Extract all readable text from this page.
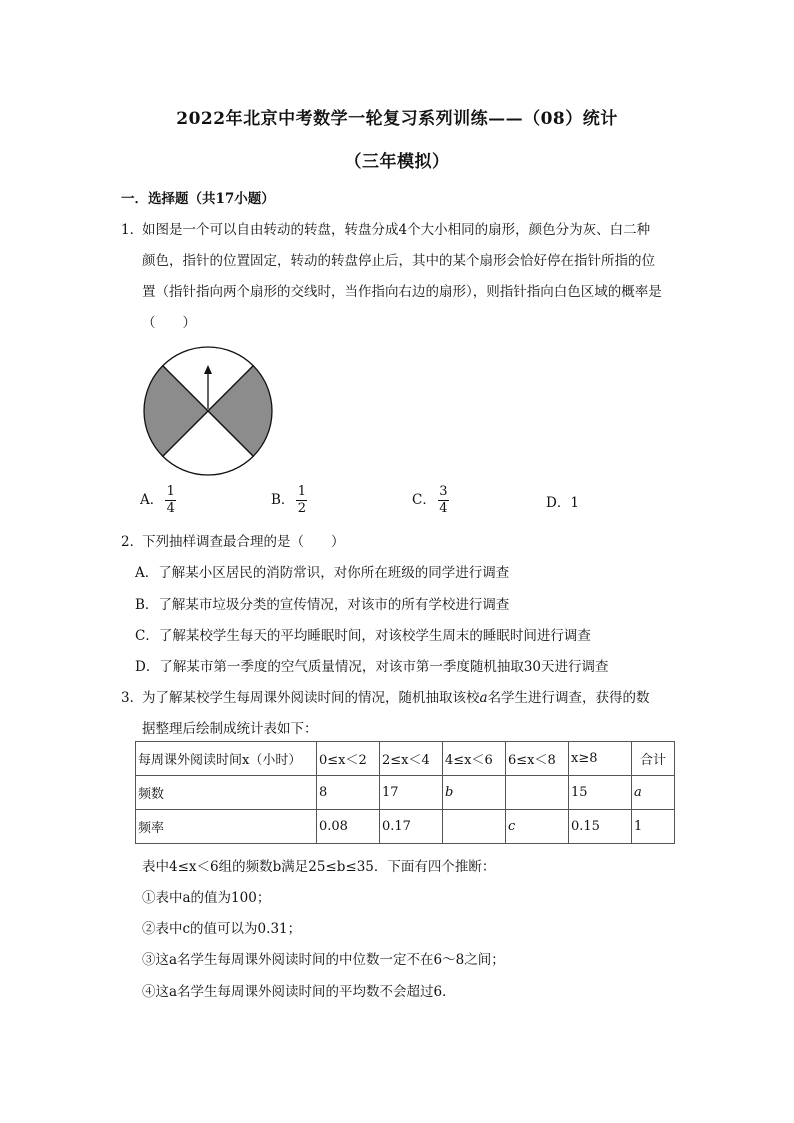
2022年北京中考数学一轮复习系列训练——（08）统计
（三年模拟）
一．选择题（共17小题）
1．
如图是一个可以自由转动的转盘，转盘分成4个大小相同的扇形，颜色分为灰、白二种
颜色，指针的位置固定，转动的转盘停止后，其中的某个扇形会恰好停在指针所指的位
置（指针指向两个扇形的交线时，当作指向右边的扇形），则指针指向白色区域的概率是
（　　）
A． $\frac{1}{4}$	B． $\frac{1}{2}$	C． $\frac{3}{4}$	D．1
2．
下列抽样调查最合理的是（　　）
A．了解某小区居民的消防常识，对你所在班级的同学进行调查
B．了解某市垃圾分类的宣传情况，对该市的所有学校进行调查
C．了解某校学生每天的平均睡眠时间，对该校学生周末的睡眠时间进行调查
D．了解某市第一季度的空气质量情况，对该市第一季度随机抽取30天进行调查
3．
为了解某校学生每周课外阅读时间的情况，随机抽取该校a名学生进行调查，获得的数
据整理后绘制成统计表如下：
每周课外阅读时间x（小时）	0≤x＜2	2≤x＜4	4≤x＜6	6≤x＜8	x≥8	合计
频数	8	17	b		15	a
频率	0.08	0.17		c	0.15	1
表中4≤x＜6组的频数b满足25≤b≤35．下面有四个推断：
①表中a的值为100；
②表中c的值可以为0.31；
③这a名学生每周课外阅读时间的中位数一定不在6～8之间；
④这a名学生每周课外阅读时间的平均数不会超过6．
